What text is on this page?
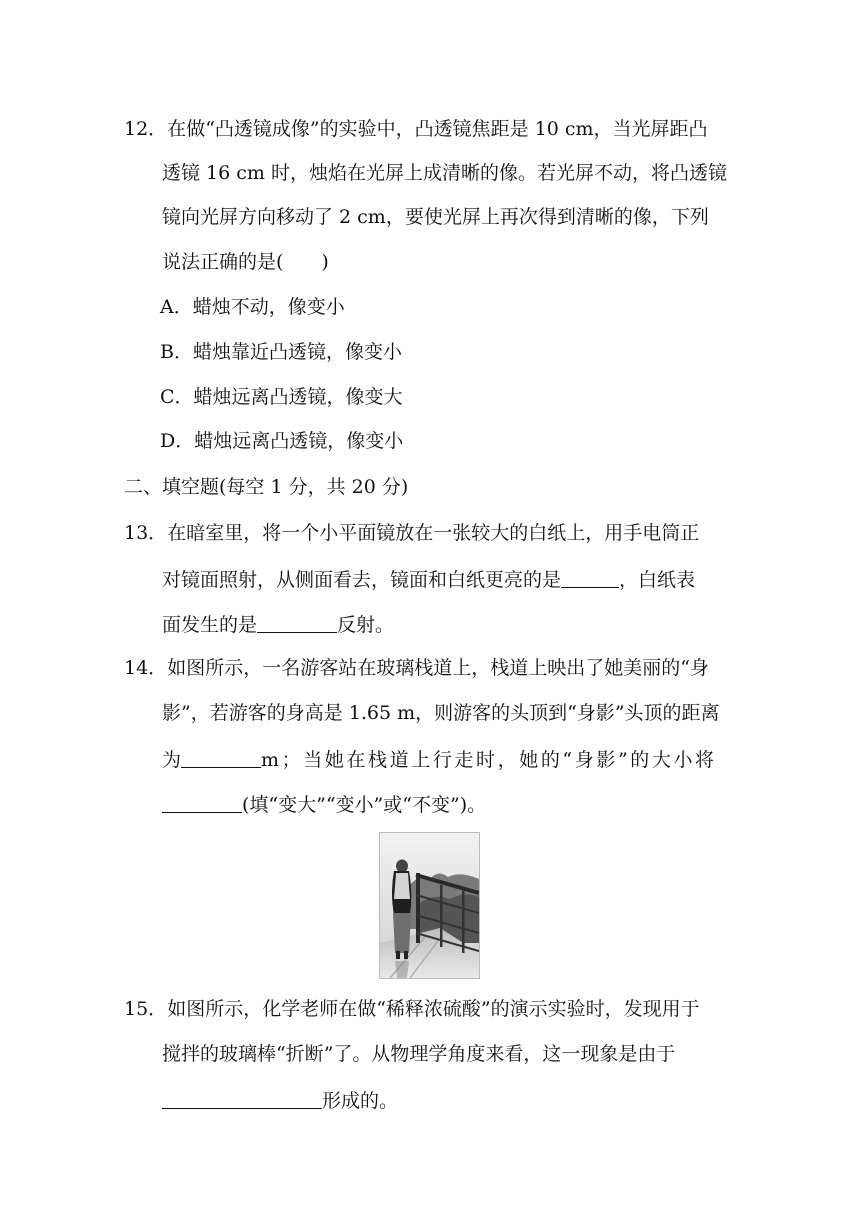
12．在做“凸透镜成像”的实验中，凸透镜焦距是 10 cm，当光屏距凸
透镜 16 cm 时，烛焰在光屏上成清晰的像。若光屏不动，将凸透镜
镜向光屏方向移动了 2 cm，要使光屏上再次得到清晰的像，下列
说法正确的是(　　)
A．蜡烛不动，像变小
B．蜡烛靠近凸透镜，像变小
C．蜡烛远离凸透镜，像变大
D．蜡烛远离凸透镜，像变小
二、填空题(每空 1 分，共 20 分)
13．在暗室里，将一个小平面镜放在一张较大的白纸上，用手电筒正
对镜面照射，从侧面看去，镜面和白纸更亮的是	，白纸表
面发生的是	反射。
14．如图所示，一名游客站在玻璃栈道上，栈道上映出了她美丽的“身
影”，若游客的身高是 1.65 m，则游客的头顶到“身影”头顶的距离
为	m；当她在栈道上行走时，她的“身影”的大小将
(填“变大”“变小”或“不变”)。
15．如图所示，化学老师在做“稀释浓硫酸”的演示实验时，发现用于
搅拌的玻璃棒“折断”了。从物理学角度来看，这一现象是由于
形成的。
